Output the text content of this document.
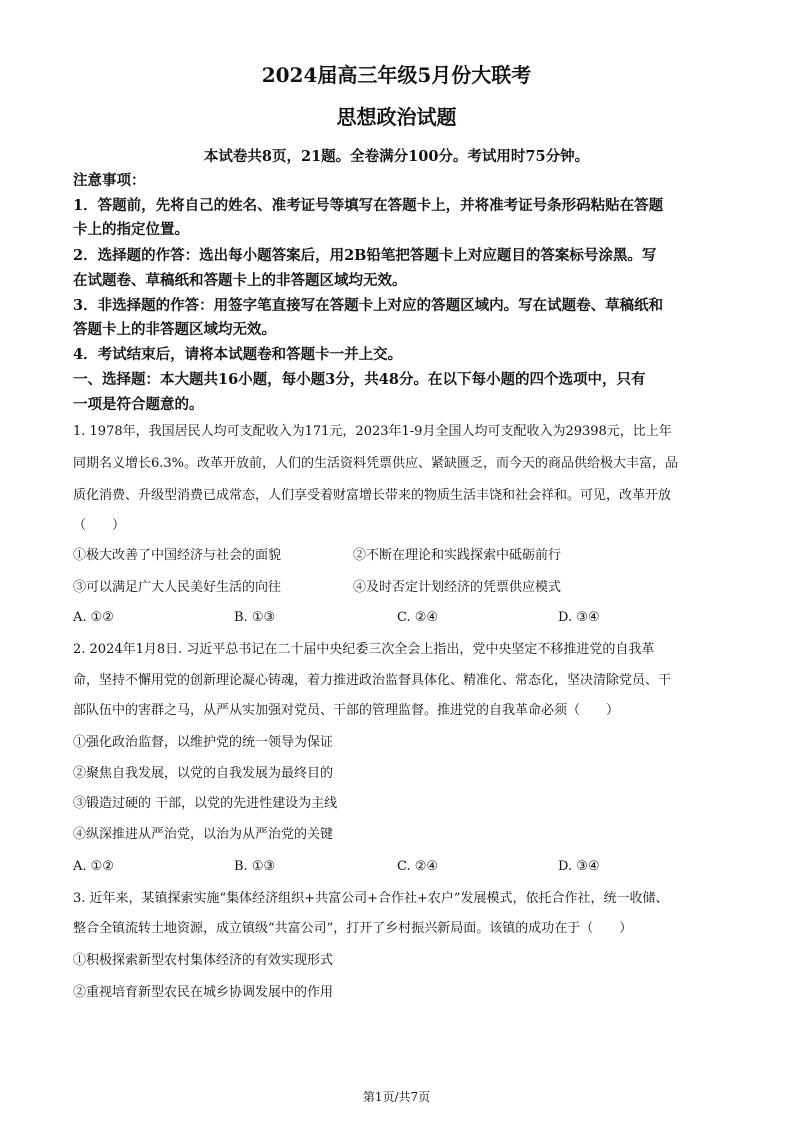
2024届高三年级5月份大联考
思想政治试题
本试卷共8页，21题。全卷满分100分。考试用时75分钟。
注意事项：
1．答题前，先将自己的姓名、准考证号等填写在答题卡上，并将准考证号条形码粘贴在答题
卡上的指定位置。
2．选择题的作答：选出每小题答案后，用2B铅笔把答题卡上对应题目的答案标号涂黑。写
在试题卷、草稿纸和答题卡上的非答题区域均无效。
3．非选择题的作答：用签字笔直接写在答题卡上对应的答题区域内。写在试题卷、草稿纸和
答题卡上的非答题区域均无效。
4．考试结束后，请将本试题卷和答题卡一并上交。
一、选择题：本大题共16小题，每小题3分，共48分。在以下每小题的四个选项中，只有
一项是符合题意的。
1. 1978年，我国居民人均可支配收入为171元，2023年1-9月全国人均可支配收入为29398元，比上年
同期名义增长6.3%。改革开放前，人们的生活资料凭票供应、紧缺匮乏，而今天的商品供给极大丰富，品
质化消费、升级型消费已成常态，人们享受着财富增长带来的物质生活丰饶和社会祥和。可见，改革开放
（　　）
①极大改善了中国经济与社会的面貌	②不断在理论和实践探索中砥砺前行
③可以满足广大人民美好生活的向往	④及时否定计划经济的凭票供应模式
A. ①②	B. ①③	C. ②④	D. ③④
2. 2024年1月8日. 习近平总书记在二十届中央纪委三次全会上指出，党中央坚定不移推进党的自我革
命，坚持不懈用党的创新理论凝心铸魂，着力推进政治监督具体化、精准化、常态化，坚决清除党员、干
部队伍中的害群之马，从严从实加强对党员、干部的管理监督。推进党的自我革命必须（　　）
①强化政治监督，以维护党的统一领导为保证
②聚焦自我发展，以党的自我发展为最终目的
③锻造过硬的 干部，以党的先进性建设为主线
④纵深推进从严治党，以治为从严治党的关键
A. ①②	B. ①③	C. ②④	D. ③④
3. 近年来，某镇探索实施“集体经济组织+共富公司+合作社+农户”发展模式，依托合作社，统一收储、
整合全镇流转土地资源，成立镇级“共富公司”，打开了乡村振兴新局面。该镇的成功在于（　　）
①积极探索新型农村集体经济的有效实现形式
②重视培育新型农民在城乡协调发展中的作用
第1页/共7页
